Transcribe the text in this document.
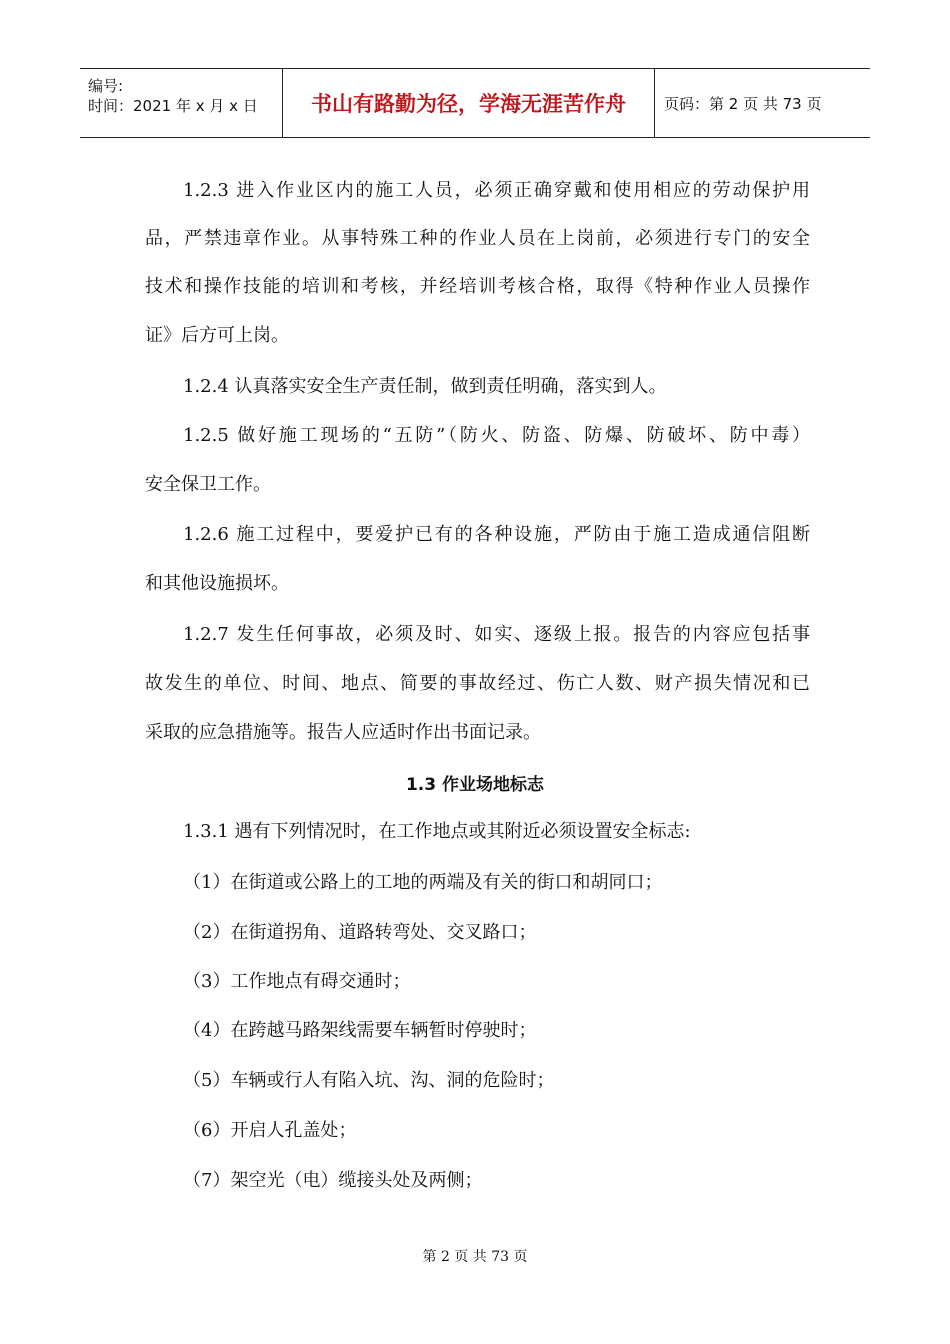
编号:
时间：2021 年 x 月 x 日	书山有路勤为径，学海无涯苦作舟	页码：第 2 页 共 73 页
1.2.3 进入作业区内的施工人员，必须正确穿戴和使用相应的劳动保护用
品，严禁违章作业。从事特殊工种的作业人员在上岗前，必须进行专门的安全
技术和操作技能的培训和考核，并经培训考核合格，取得《特种作业人员操作
证》后方可上岗。
1.2.4 认真落实安全生产责任制，做到责任明确，落实到人。
1.2.5 做好施工现场的“五防”（防火、防盗、防爆、防破坏、防中毒）
安全保卫工作。
1.2.6 施工过程中，要爱护已有的各种设施，严防由于施工造成通信阻断
和其他设施损坏。
1.2.7 发生任何事故，必须及时、如实、逐级上报。报告的内容应包括事
故发生的单位、时间、地点、简要的事故经过、伤亡人数、财产损失情况和已
采取的应急措施等。报告人应适时作出书面记录。
1.3.1 遇有下列情况时，在工作地点或其附近必须设置安全标志:
（1）在街道或公路上的工地的两端及有关的街口和胡同口；
（2）在街道拐角、道路转弯处、交叉路口；
（3）工作地点有碍交通时；
（4）在跨越马路架线需要车辆暂时停驶时；
（5）车辆或行人有陷入坑、沟、洞的危险时；
（6）开启人孔盖处；
（7）架空光（电）缆接头处及两侧；
1.3 作业场地标志
第 2 页 共 73 页
